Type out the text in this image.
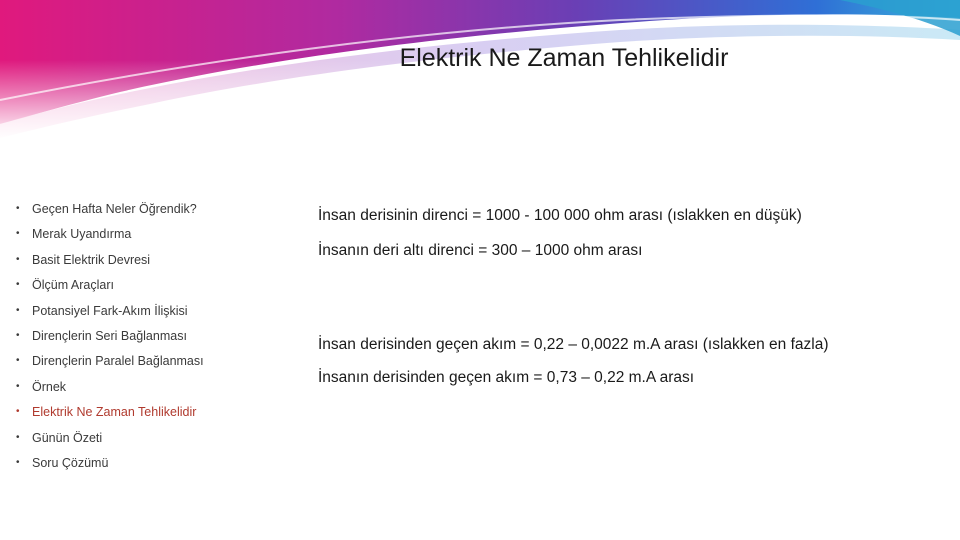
Elektrik Ne Zaman Tehlikelidir
• Geçen Hafta Neler Öğrendik?
• Merak Uyandırma
• Basit Elektrik Devresi
• Ölçüm Araçları
• Potansiyel Fark-Akım İlişkisi
• Dirençlerin Seri Bağlanması
• Dirençlerin Paralel Bağlanması
• Örnek
• Elektrik Ne Zaman Tehlikelidir
• Günün Özeti
• Soru Çözümü
İnsan derisinin direnci = 1000 - 100 000 ohm arası (ıslakken en düşük)
İnsanın deri altı direnci = 300 – 1000 ohm arası
İnsan derisinden geçen akım = 0,22 – 0,0022 m.A arası (ıslakken en fazla)
İnsanın derisinden geçen akım = 0,73 – 0,22 m.A arası
